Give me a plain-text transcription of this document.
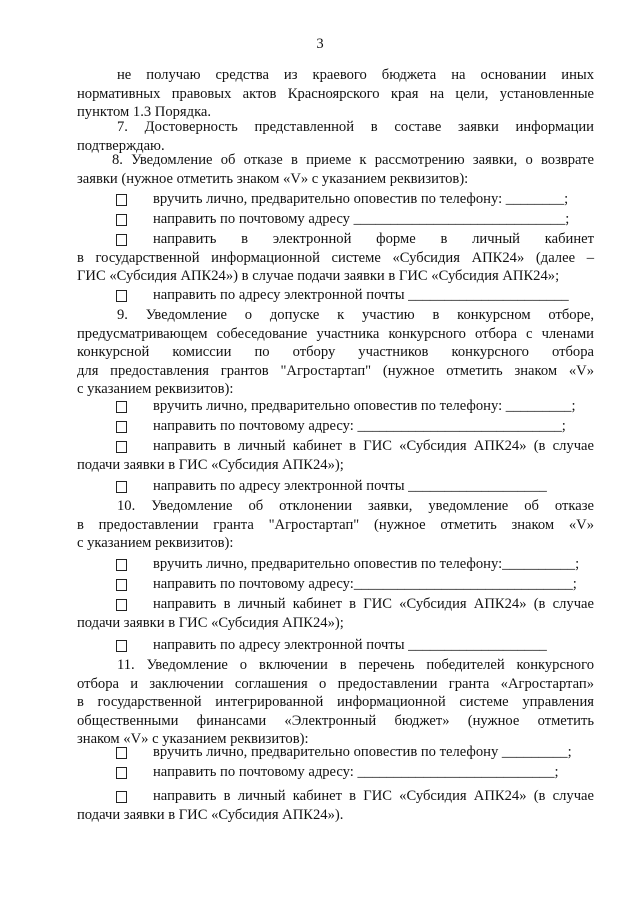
3
не получаю средства из краевого бюджета на основании иных
нормативных правовых актов Красноярского края на цели, установленные
пунктом 1.3 Порядка.
7. Достоверность представленной в составе заявки информации
подтверждаю.
8. Уведомление об отказе в приеме к рассмотрению заявки, о возврате
заявки (нужное отметить знаком «V» с указанием реквизитов):
вручить лично, предварительно оповестив по телефону: ________;
направить по почтовому адресу _____________________________;
направить в электронной форме в личный кабинет
в государственной информационной системе «Субсидия АПК24» (далее –
ГИС «Субсидия АПК24») в случае подачи заявки в ГИС «Субсидия АПК24»;
направить по адресу электронной почты ______________________
9. Уведомление о допуске к участию в конкурсном отборе,
предусматривающем собеседование участника конкурсного отбора с членами
конкурсной комиссии по отбору участников конкурсного отбора
для предоставления грантов "Агростартап" (нужное отметить знаком «V»
с указанием реквизитов):
вручить лично, предварительно оповестив по телефону: _________;
направить по почтовому адресу: ____________________________;
направить в личный кабинет в ГИС «Субсидия АПК24» (в случае
подачи заявки в ГИС «Субсидия АПК24»);
направить по адресу электронной почты ___________________
10. Уведомление об отклонении заявки, уведомление об отказе
в предоставлении гранта "Агростартап" (нужное отметить знаком «V»
с указанием реквизитов):
вручить лично, предварительно оповестив по телефону:__________;
направить по почтовому адресу:______________________________;
направить в личный кабинет в ГИС «Субсидия АПК24» (в случае
подачи заявки в ГИС «Субсидия АПК24»);
направить по адресу электронной почты ___________________
11. Уведомление о включении в перечень победителей конкурсного
отбора и заключении соглашения о предоставлении гранта «Агростартап»
в государственной интегрированной информационной системе управления
общественными финансами «Электронный бюджет» (нужное отметить
знаком «V» с указанием реквизитов):
вручить лично, предварительно оповестив по телефону _________;
направить по почтовому адресу: ___________________________;
направить в личный кабинет в ГИС «Субсидия АПК24» (в случае
подачи заявки в ГИС «Субсидия АПК24»).
